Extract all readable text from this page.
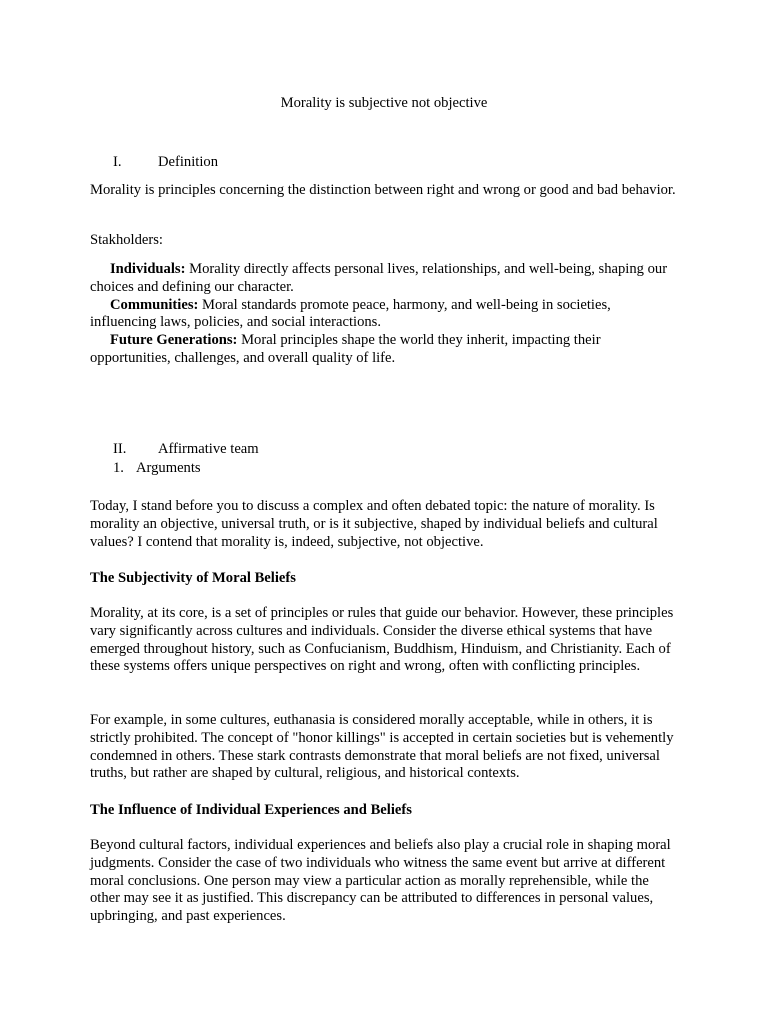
Morality is subjective not objective
I. Definition

Morality is principles concerning the distinction between right and wrong or good and bad behavior.

Stakholders:

Individuals: Morality directly affects personal lives, relationships, and well-being, shaping our choices and defining our character.

Communities: Moral standards promote peace, harmony, and well-being in societies, influencing laws, policies, and social interactions.

Future Generations: Moral principles shape the world they inherit, impacting their opportunities, challenges, and overall quality of life.

II. Affirmative team
1. Arguments

Today, I stand before you to discuss a complex and often debated topic: the nature of morality. Is morality an objective, universal truth, or is it subjective, shaped by individual beliefs and cultural values? I contend that morality is, indeed, subjective, not objective.

The Subjectivity of Moral Beliefs

Morality, at its core, is a set of principles or rules that guide our behavior. However, these principles vary significantly across cultures and individuals. Consider the diverse ethical systems that have emerged throughout history, such as Confucianism, Buddhism, Hinduism, and Christianity. Each of these systems offers unique perspectives on right and wrong, often with conflicting principles.

For example, in some cultures, euthanasia is considered morally acceptable, while in others, it is strictly prohibited. The concept of "honor killings" is accepted in certain societies but is vehemently condemned in others. These stark contrasts demonstrate that moral beliefs are not fixed, universal truths, but rather are shaped by cultural, religious, and historical contexts.

The Influence of Individual Experiences and Beliefs

Beyond cultural factors, individual experiences and beliefs also play a crucial role in shaping moral judgments. Consider the case of two individuals who witness the same event but arrive at different moral conclusions. One person may view a particular action as morally reprehensible, while the other may see it as justified. This discrepancy can be attributed to differences in personal values, upbringing, and past experiences.
